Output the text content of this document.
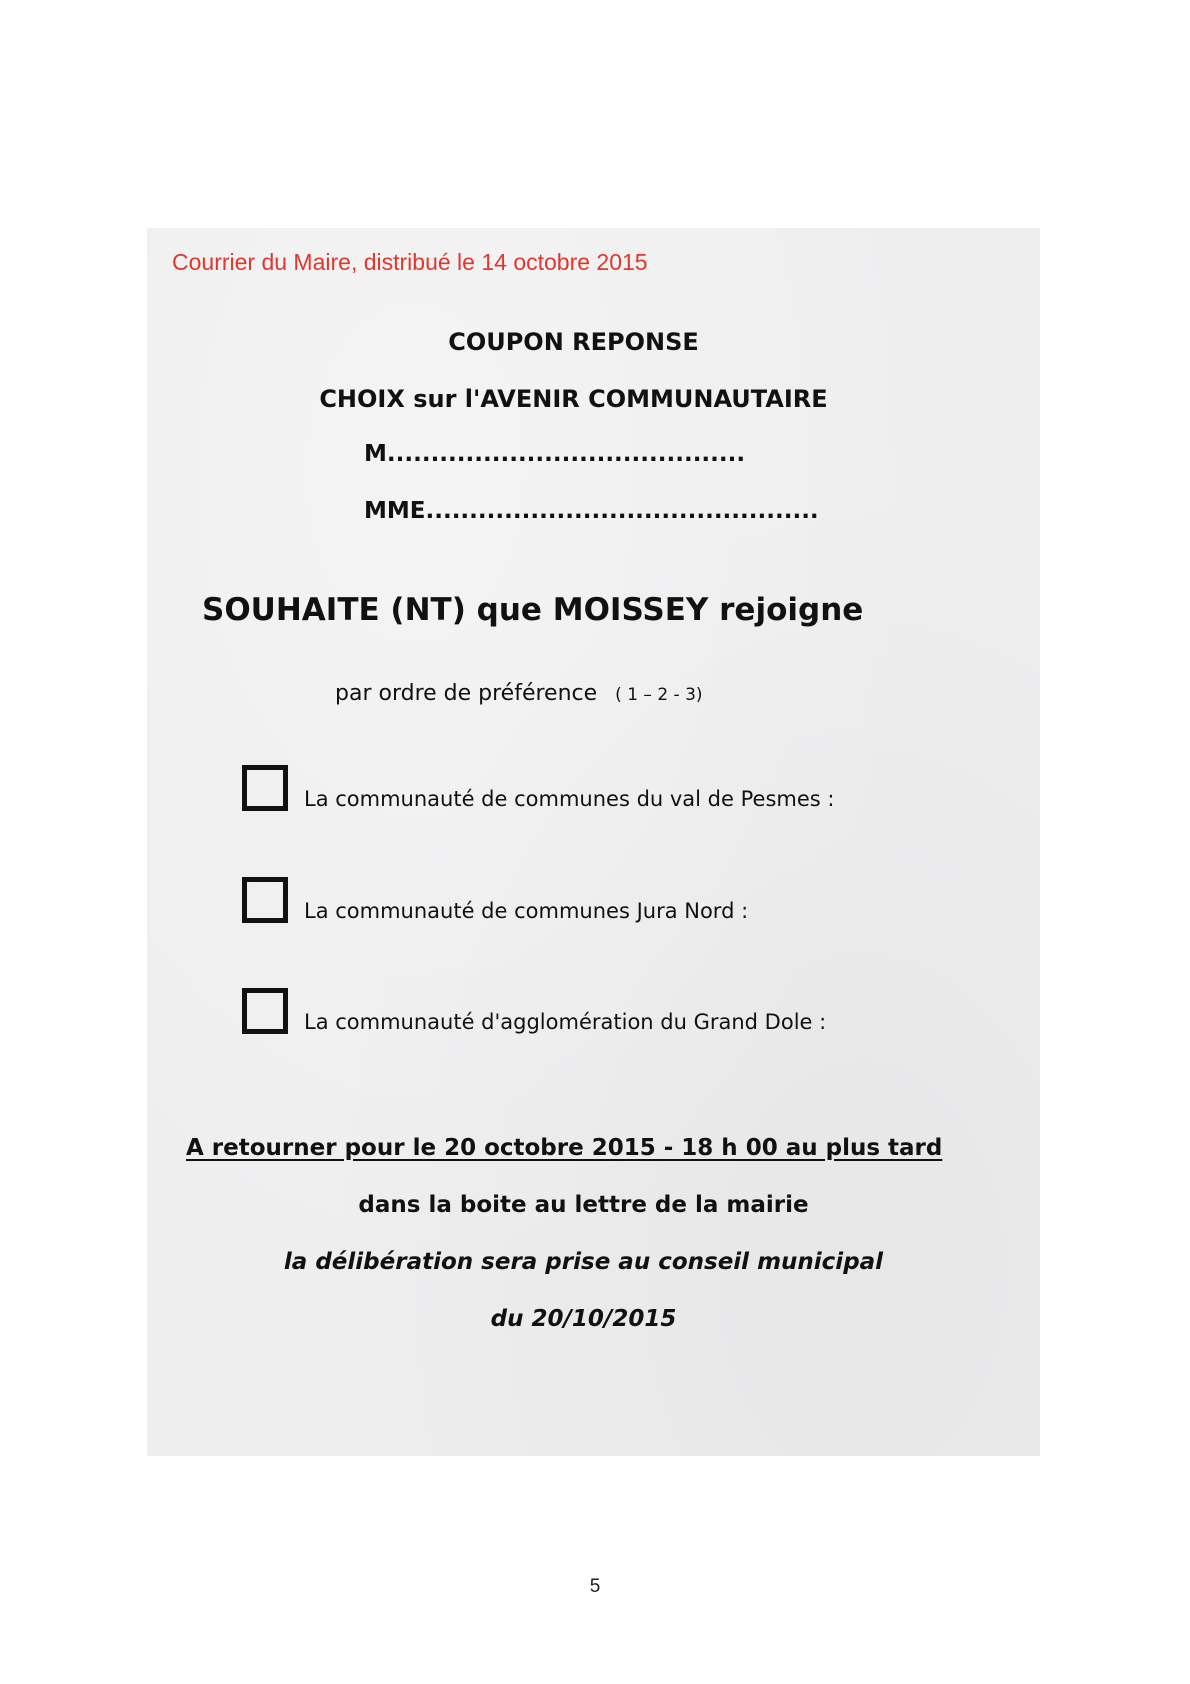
Courrier du Maire, distribué le 14 octobre 2015
COUPON REPONSE
CHOIX sur l'AVENIR COMMUNAUTAIRE
M.........................................
MME.............................................
SOUHAITE (NT) que MOISSEY rejoigne
par ordre de préférence ( 1 – 2 - 3)
La communauté de communes du val de Pesmes :
La communauté de communes Jura Nord :
La communauté d'agglomération du Grand Dole :
A retourner pour le 20 octobre 2015 - 18 h 00 au plus tard
dans la boite au lettre de la mairie
la délibération sera prise au conseil municipal
du 20/10/2015
5
